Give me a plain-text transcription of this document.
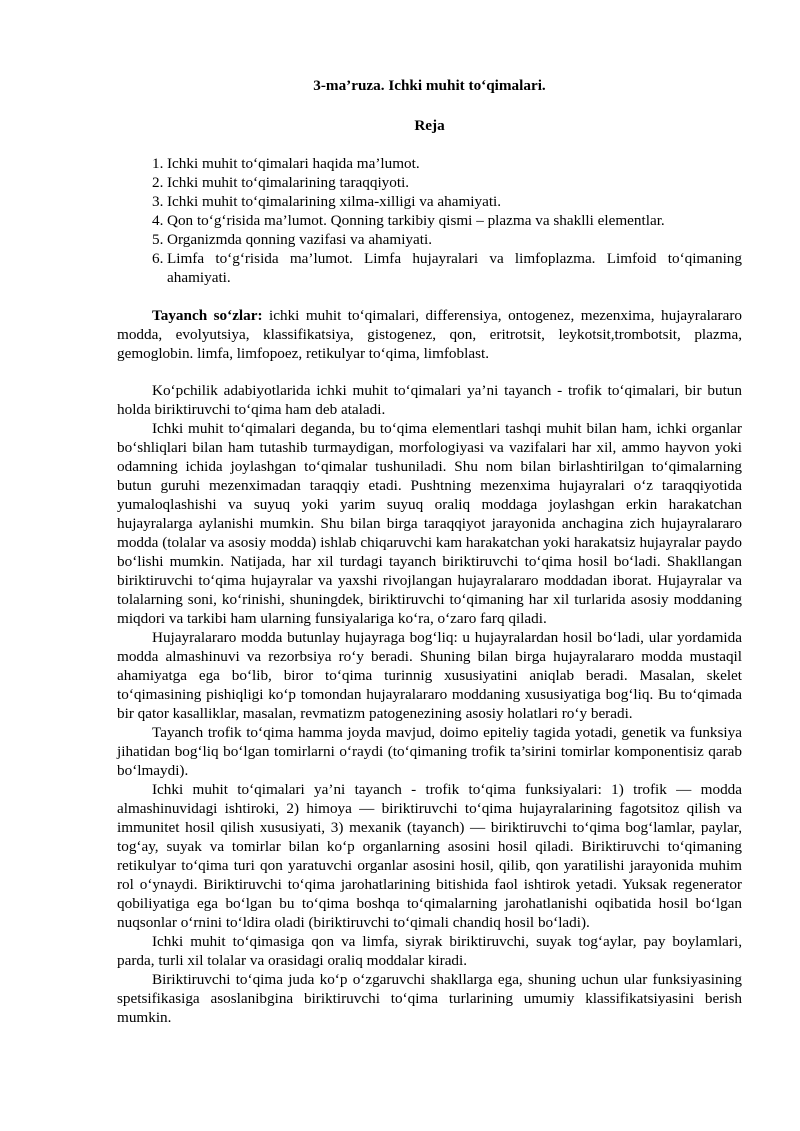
3-ma’ruza. Ichki muhit to‘qimalari.
Reja
1. Ichki muhit to‘qimalari haqida ma’lumot.
2. Ichki muhit to‘qimalarining taraqqiyoti.
3. Ichki muhit to‘qimalarining xilma-xilligi va ahamiyati.
4. Qon to‘g‘risida ma’lumot. Qonning tarkibiy qismi – plazma va shaklli elementlar.
5. Organizmda qonning vazifasi va ahamiyati.
6. Limfa to‘g‘risida ma’lumot. Limfa hujayralari va limfoplazma. Limfoid to‘qimaning ahamiyati.

Tayanch so‘zlar: ichki muhit to‘qimalari, differensiya, ontogenez, mezenxima, hujayralararo modda, evolyutsiya, klassifikatsiya, gistogenez, qon, eritrotsit, leykotsit,trombotsit, plazma, gemoglobin. limfa, limfopoez, retikulyar to‘qima, limfoblast.

Ko‘pchilik adabiyotlarida ichki muhit to‘qimalari ya’ni tayanch - trofik to‘qimalari, bir butun holda biriktiruvchi to‘qima ham deb ataladi.

Ichki muhit to‘qimalari deganda, bu to‘qima elementlari tashqi muhit bilan ham, ichki organlar bo‘shliqlari bilan ham tutashib turmaydigan, morfologiyasi va vazifalari har xil, ammo hayvon yoki odamning ichida joylashgan to‘qimalar tushuniladi. Shu nom bilan birlashtirilgan to‘qimalarning butun guruhi mezenximadan taraqqiy etadi. Pushtning mezenxima hujayralari o‘z taraqqiyotida yumaloqlashishi va suyuq yoki yarim suyuq oraliq moddaga joylashgan erkin harakatchan hujayralarga aylanishi mumkin. Shu bilan birga taraqqiyot jarayonida anchagina zich hujayralararo modda (tolalar va asosiy modda) ishlab chiqaruvchi kam harakatchan yoki harakatsiz hujayralar paydo bo‘lishi mumkin. Natijada, har xil turdagi tayanch biriktiruvchi to‘qima hosil bo‘ladi. Shakllangan biriktiruvchi to‘qima hujayralar va yaxshi rivojlangan hujayralararo moddadan iborat. Hujayralar va tolalarning soni, ko‘rinishi, shuningdek, biriktiruvchi to‘qimaning har xil turlarida asosiy moddaning miqdori va tarkibi ham ularning funsiyalariga ko‘ra, o‘zaro farq qiladi.

Hujayralararo modda butunlay hujayraga bog‘liq: u hujayralardan hosil bo‘ladi, ular yordamida modda almashinuvi va rezorbsiya ro‘y beradi. Shuning bilan birga hujayralararo modda mustaqil ahamiyatga ega bo‘lib, biror to‘qima turinnig xususiyatini aniqlab beradi. Masalan, skelet to‘qimasining pishiqligi ko‘p tomondan hujayralararo moddaning xususiyatiga bog‘liq. Bu to‘qimada bir qator kasalliklar, masalan, revmatizm patogenezining asosiy holatlari ro‘y beradi.

Tayanch trofik to‘qima hamma joyda mavjud, doimo epiteliy tagida yotadi, genetik va funksiya jihatidan bog‘liq bo‘lgan tomirlarni o‘raydi (to‘qimaning trofik ta’sirini tomirlar komponentisiz qarab bo‘lmaydi).

Ichki muhit to‘qimalari ya’ni tayanch - trofik to‘qima funksiyalari: 1) trofik — modda almashinuvidagi ishtiroki, 2) himoya — biriktiruvchi to‘qima hujayralarining fagotsitoz qilish va immunitet hosil qilish xususiyati, 3) mexanik (tayanch) — biriktiruvchi to‘qima bog‘lamlar, paylar, tog‘ay, suyak va tomirlar bilan ko‘p organlarning asosini hosil qiladi. Biriktiruvchi to‘qimaning retikulyar to‘qima turi qon yaratuvchi organlar asosini hosil, qilib, qon yaratilishi jarayonida muhim rol o‘ynaydi. Biriktiruvchi to‘qima jarohatlarining bitishida faol ishtirok yetadi. Yuksak regenerator qobiliyatiga ega bo‘lgan bu to‘qima boshqa to‘qimalarning jarohatlanishi oqibatida hosil bo‘lgan nuqsonlar o‘rnini to‘ldira oladi (biriktiruvchi to‘qimali chandiq hosil bo‘ladi).

Ichki muhit to‘qimasiga qon va limfa, siyrak biriktiruvchi, suyak tog‘aylar, pay boylamlari, parda, turli xil tolalar va orasidagi oraliq moddalar kiradi.

Biriktiruvchi to‘qima juda ko‘p o‘zgaruvchi shakllarga ega, shuning uchun ular funksiyasining spetsifikasiga asoslanibgina biriktiruvchi to‘qima turlarining umumiy klassifikatsiyasini berish mumkin.
